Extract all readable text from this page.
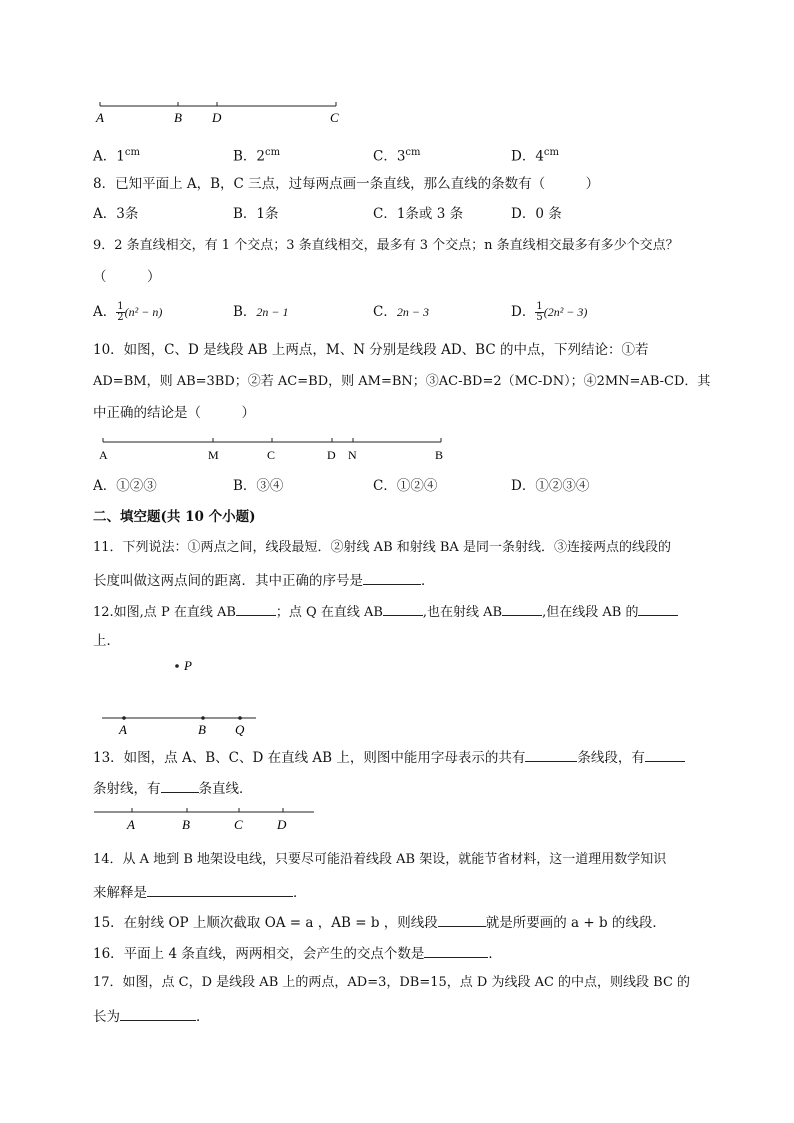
A	B D	C
A．$1^{cm}$	B．$2^{cm}$	C．$3^{cm}$	D．$4^{cm}$
8．已知平面上 A，B，C 三点，过每两点画一条直线，那么直线的条数有（　　　）
A．3条	B．1条	C．1条或 3 条	D．0 条
9．2 条直线相交，有 1 个交点；3 条直线相交，最多有 3 个交点；n 条直线相交最多有多少个交点？
（　　　）
A． $\frac{1}{2} (n^2 - n)$	B．2n − 1	C．2n − 3	D． $\frac{1}{5} (2n^2 - 3)$
10．如图，C、D 是线段 AB 上两点，M、N 分别是线段 AD、BC 的中点，下列结论：①若
AD=BM，则 AB=3BD；②若 AC=BD，则 AM=BN；③AC-BD=2（MC-DN）；④2MN=AB-CD．其
中正确的结论是（　　　）
A	M	C	D N	B
A．①②③	B．③④	C．①②④	D．①②③④
二、填空题(共 10 个小题)
11．下列说法：①两点之间，线段最短．②射线 AB 和射线 BA 是同一条射线．③连接两点的线段的
长度叫做这两点间的距离．其中正确的序号是	．
12.如图,点 P 在直线 AB	；点 Q 在直线 AB	,也在射线 AB	,但在线段 AB 的
上．
P
A	B Q
13．如图，点 A、B、C、D 在直线 AB 上，则图中能用字母表示的共有	条线段，有
条射线，有	条直线．
A	B	C	D
14．从 A 地到 B 地架设电线，只要尽可能沿着线段 AB 架设，就能节省材料，这一道理用数学知识
来解释是	．
15．在射线 OP 上顺次截取 OA = a ，AB = b ，则线段	就是所要画的 a + b 的线段．
16．平面上 4 条直线，两两相交，会产生的交点个数是	．
17．如图，点 C，D 是线段 AB 上的两点，AD=3，DB=15，点 D 为线段 AC 的中点，则线段 BC 的
长为	．
